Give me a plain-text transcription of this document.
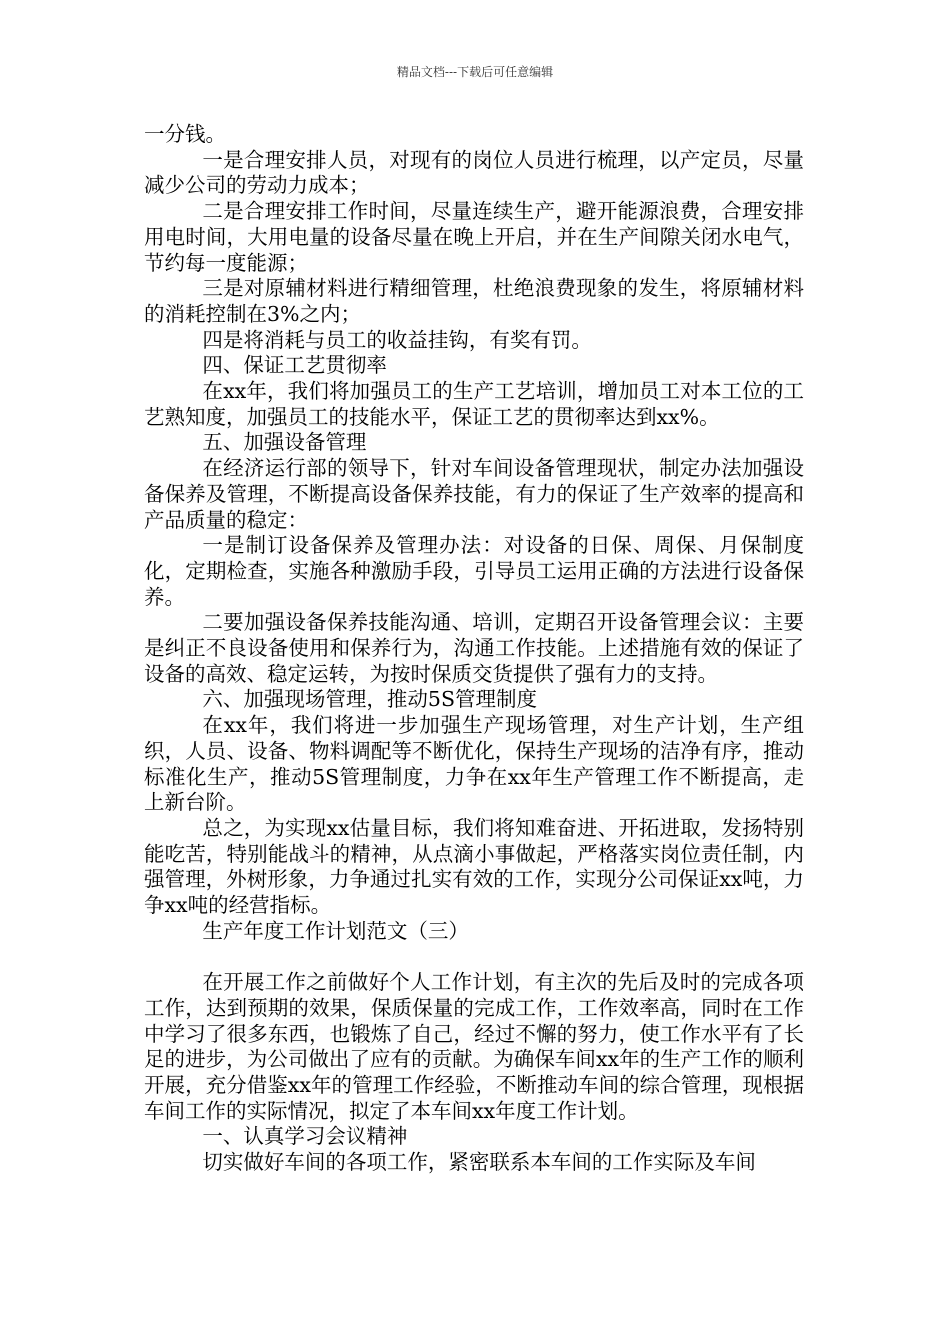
精品文档---下载后可任意编辑

一分钱。

一是合理安排人员，对现有的岗位人员进行梳理，以产定员，尽量减少公司的劳动力成本；

二是合理安排工作时间，尽量连续生产，避开能源浪费，合理安排用电时间，大用电量的设备尽量在晚上开启，并在生产间隙关闭水电气，节约每一度能源；

三是对原辅材料进行精细管理，杜绝浪费现象的发生，将原辅材料的消耗控制在3%之内；

四是将消耗与员工的收益挂钩，有奖有罚。

四、保证工艺贯彻率

在xx年，我们将加强员工的生产工艺培训，增加员工对本工位的工艺熟知度，加强员工的技能水平，保证工艺的贯彻率达到xx%。

五、加强设备管理

在经济运行部的领导下，针对车间设备管理现状，制定办法加强设备保养及管理，不断提高设备保养技能，有力的保证了生产效率的提高和产品质量的稳定：

一是制订设备保养及管理办法：对设备的日保、周保、月保制度化，定期检查，实施各种激励手段，引导员工运用正确的方法进行设备保养。

二要加强设备保养技能沟通、培训，定期召开设备管理会议：主要是纠正不良设备使用和保养行为，沟通工作技能。上述措施有效的保证了设备的高效、稳定运转，为按时保质交货提供了强有力的支持。

六、加强现场管理，推动5S管理制度

在xx年，我们将进一步加强生产现场管理，对生产计划，生产组织，人员、设备、物料调配等不断优化，保持生产现场的洁净有序，推动标准化生产，推动5S管理制度，力争在xx年生产管理工作不断提高，走上新台阶。

总之，为实现xx估量目标，我们将知难奋进、开拓进取，发扬特别能吃苦，特别能战斗的精神，从点滴小事做起，严格落实岗位责任制，内强管理，外树形象，力争通过扎实有效的工作，实现分公司保证xx吨，力争xx吨的经营指标。

生产年度工作计划范文（三）

在开展工作之前做好个人工作计划，有主次的先后及时的完成各项工作，达到预期的效果，保质保量的完成工作，工作效率高，同时在工作中学习了很多东西，也锻炼了自己，经过不懈的努力，使工作水平有了长足的进步，为公司做出了应有的贡献。为确保车间xx年的生产工作的顺利开展，充分借鉴xx年的管理工作经验，不断推动车间的综合管理，现根据车间工作的实际情况，拟定了本车间xx年度工作计划。

一、认真学习会议精神

切实做好车间的各项工作，紧密联系本车间的工作实际及车间
